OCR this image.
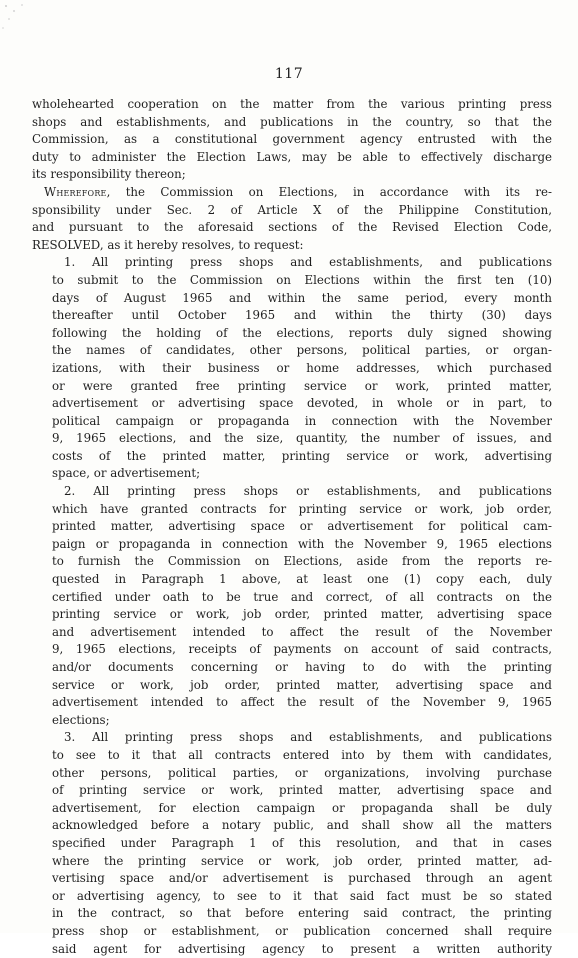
117
wholehearted cooperation on the matter from the various printing press
shops and establishments, and publications in the country, so that the
Commission, as a constitutional government agency entrusted with the
duty to administer the Election Laws, may be able to effectively discharge
its responsibility thereon;
Wherefore, the Commission on Elections, in accordance with its re-
sponsibility under Sec. 2 of Article X of the Philippine Constitution,
and pursuant to the aforesaid sections of the Revised Election Code,
RESOLVED, as it hereby resolves, to request:
1. All printing press shops and establishments, and publications
to submit to the Commission on Elections within the first ten (10)
days of August 1965 and within the same period, every month
thereafter until October 1965 and within the thirty (30) days
following the holding of the elections, reports duly signed showing
the names of candidates, other persons, political parties, or organ-
izations, with their business or home addresses, which purchased
or were granted free printing service or work, printed matter,
advertisement or advertising space devoted, in whole or in part, to
political campaign or propaganda in connection with the November
9, 1965 elections, and the size, quantity, the number of issues, and
costs of the printed matter, printing service or work, advertising
space, or advertisement;
2. All printing press shops or establishments, and publications
which have granted contracts for printing service or work, job order,
printed matter, advertising space or advertisement for political cam-
paign or propaganda in connection with the November 9, 1965 elections
to furnish the Commission on Elections, aside from the reports re-
quested in Paragraph 1 above, at least one (1) copy each, duly
certified under oath to be true and correct, of all contracts on the
printing service or work, job order, printed matter, advertising space
and advertisement intended to affect the result of the November
9, 1965 elections, receipts of payments on account of said contracts,
and/or documents concerning or having to do with the printing
service or work, job order, printed matter, advertising space and
advertisement intended to affect the result of the November 9, 1965
elections;
3. All printing press shops and establishments, and publications
to see to it that all contracts entered into by them with candidates,
other persons, political parties, or organizations, involving purchase
of printing service or work, printed matter, advertising space and
advertisement, for election campaign or propaganda shall be duly
acknowledged before a notary public, and shall show all the matters
specified under Paragraph 1 of this resolution, and that in cases
where the printing service or work, job order, printed matter, ad-
vertising space and/or advertisement is purchased through an agent
or advertising agency, to see to it that said fact must be so stated
in the contract, so that before entering said contract, the printing
press shop or establishment, or publication concerned shall require
said agent for advertising agency to present a written authority
